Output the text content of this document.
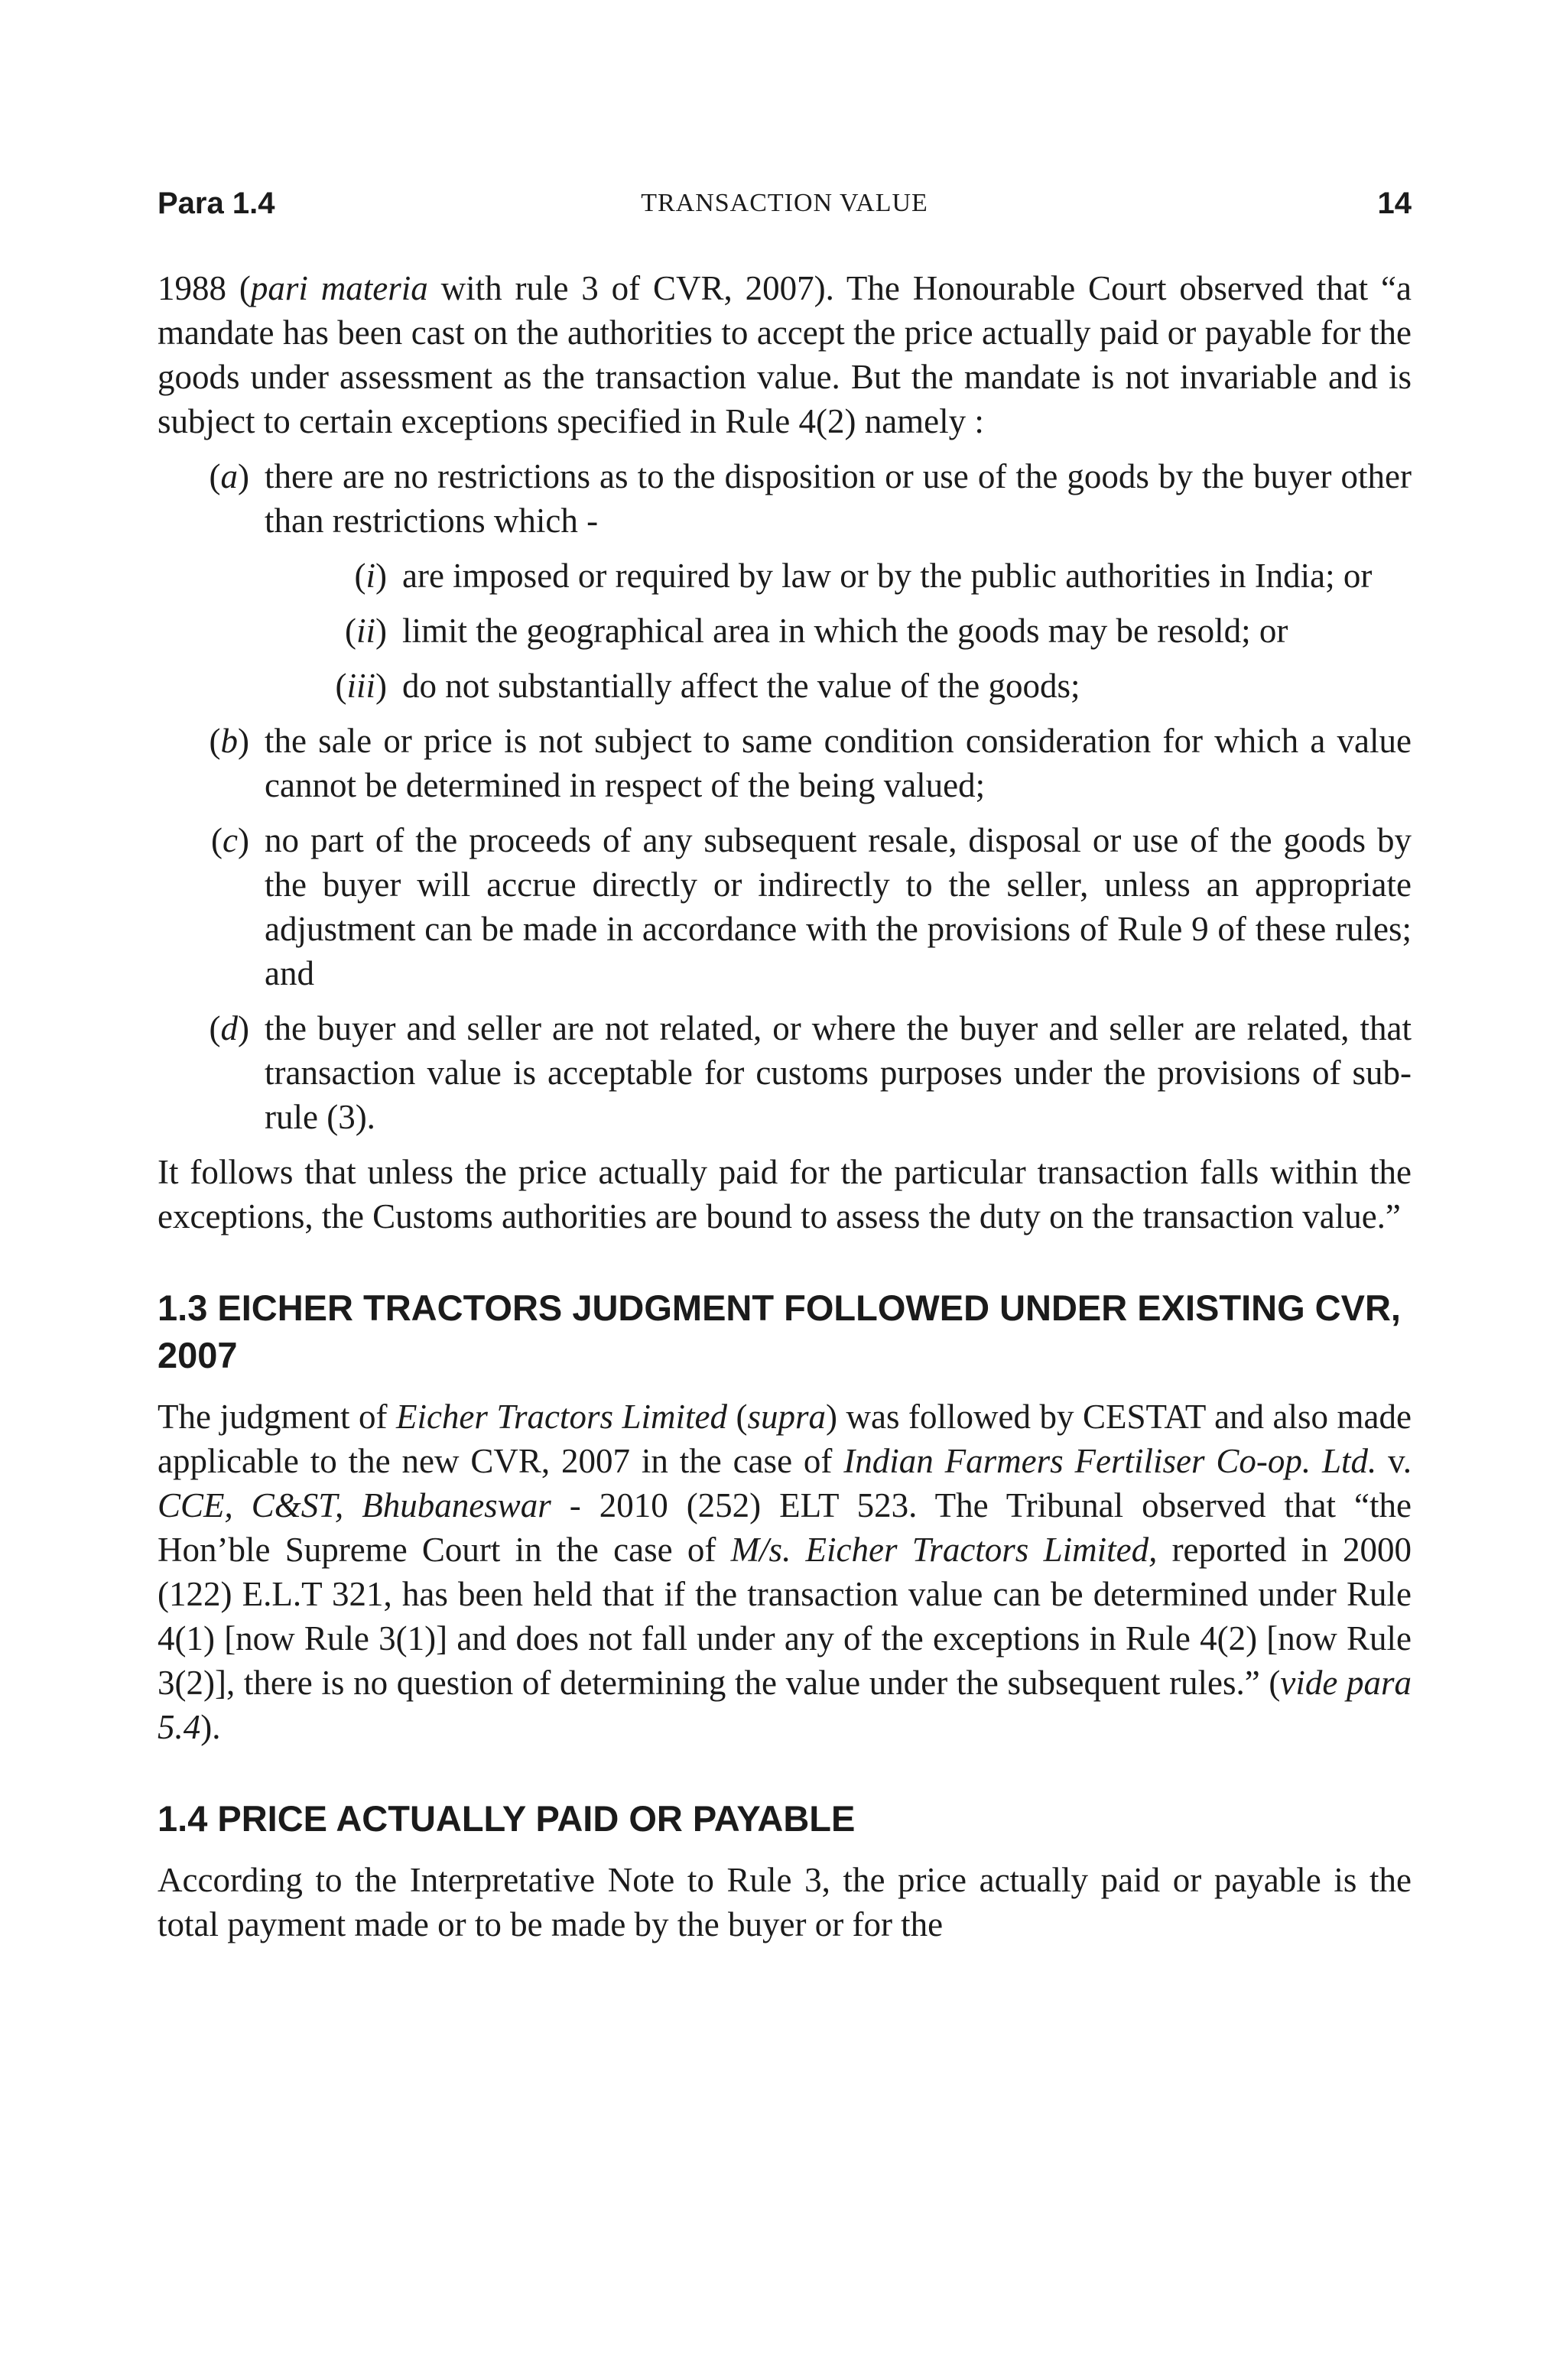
Para 1.4	TRANSACTION VALUE	14

1988 (pari materia with rule 3 of CVR, 2007). The Honourable Court observed that “a mandate has been cast on the authorities to accept the price actually paid or payable for the goods under assessment as the transaction value. But the mandate is not invariable and is subject to certain exceptions specified in Rule 4(2) namely :

(a) there are no restrictions as to the disposition or use of the goods by the buyer other than restrictions which -
(i) are imposed or required by law or by the public authorities in India; or
(ii) limit the geographical area in which the goods may be resold; or
(iii) do not substantially affect the value of the goods;
(b) the sale or price is not subject to same condition consideration for which a value cannot be determined in respect of the being valued;
(c) no part of the proceeds of any subsequent resale, disposal or use of the goods by the buyer will accrue directly or indirectly to the seller, unless an appropriate adjustment can be made in accordance with the provisions of Rule 9 of these rules; and
(d) the buyer and seller are not related, or where the buyer and seller are related, that transaction value is acceptable for customs purposes under the provisions of sub-rule (3).

It follows that unless the price actually paid for the particular transaction falls within the exceptions, the Customs authorities are bound to assess the duty on the transaction value.”

1.3 EICHER TRACTORS JUDGMENT FOLLOWED UNDER EXISTING CVR, 2007

The judgment of Eicher Tractors Limited (supra) was followed by CESTAT and also made applicable to the new CVR, 2007 in the case of Indian Farmers Fertiliser Co-op. Ltd. v. CCE, C&ST, Bhubaneswar - 2010 (252) ELT 523. The Tribunal observed that “the Hon’ble Supreme Court in the case of M/s. Eicher Tractors Limited, reported in 2000 (122) E.L.T 321, has been held that if the transaction value can be determined under Rule 4(1) [now Rule 3(1)] and does not fall under any of the exceptions in Rule 4(2) [now Rule 3(2)], there is no question of determining the value under the subsequent rules.” (vide para 5.4).

1.4 PRICE ACTUALLY PAID OR PAYABLE

According to the Interpretative Note to Rule 3, the price actually paid or payable is the total payment made or to be made by the buyer or for the
